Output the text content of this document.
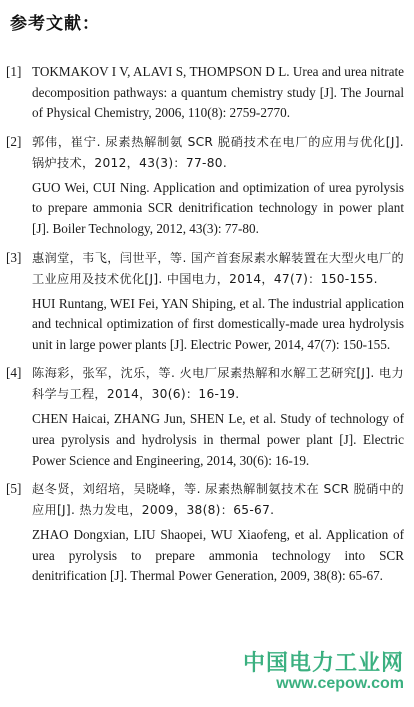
参考文献：
[1] TOKMAKOV I V, ALAVI S, THOMPSON D L. Urea and urea nitrate decomposition pathways: a quantum chemistry study [J]. The Journal of Physical Chemistry, 2006, 110(8): 2759-2770.
[2] 郭伟，崔宁. 尿素热解制氨 SCR 脱硝技术在电厂的应用与优化[J]. 锅炉技术，2012，43(3)：77-80.
GUO Wei, CUI Ning. Application and optimization of urea pyrolysis to prepare ammonia SCR denitrification technology in power plant [J]. Boiler Technology, 2012, 43(3): 77-80.
[3] 惠润堂，韦飞，闫世平，等. 国产首套尿素水解装置在大型火电厂的工业应用及技术优化[J]. 中国电力，2014，47(7)：150-155.
HUI Runtang, WEI Fei, YAN Shiping, et al. The industrial application and technical optimization of first domestically-made urea hydrolysis unit in large power plants [J]. Electric Power, 2014, 47(7): 150-155.
[4] 陈海彩，张军，沈乐，等. 火电厂尿素热解和水解工艺研究[J]. 电力科学与工程，2014，30(6)：16-19.
CHEN Haicai, ZHANG Jun, SHEN Le, et al. Study of technology of urea pyrolysis and hydrolysis in thermal power plant [J]. Electric Power Science and Engineering, 2014, 30(6): 16-19.
[5] 赵冬贤，刘绍培，吴晓峰，等. 尿素热解制氨技术在 SCR 脱硝中的应用[J]. 热力发电，2009，38(8)：65-67.
ZHAO Dongxian, LIU Shaopei, WU Xiaofeng, et al. Application of urea pyrolysis to prepare ammonia technology into SCR denitrification [J]. Thermal Power Generation, 2009, 38(8): 65-67.
中国电力工业网
www.cepow.com
